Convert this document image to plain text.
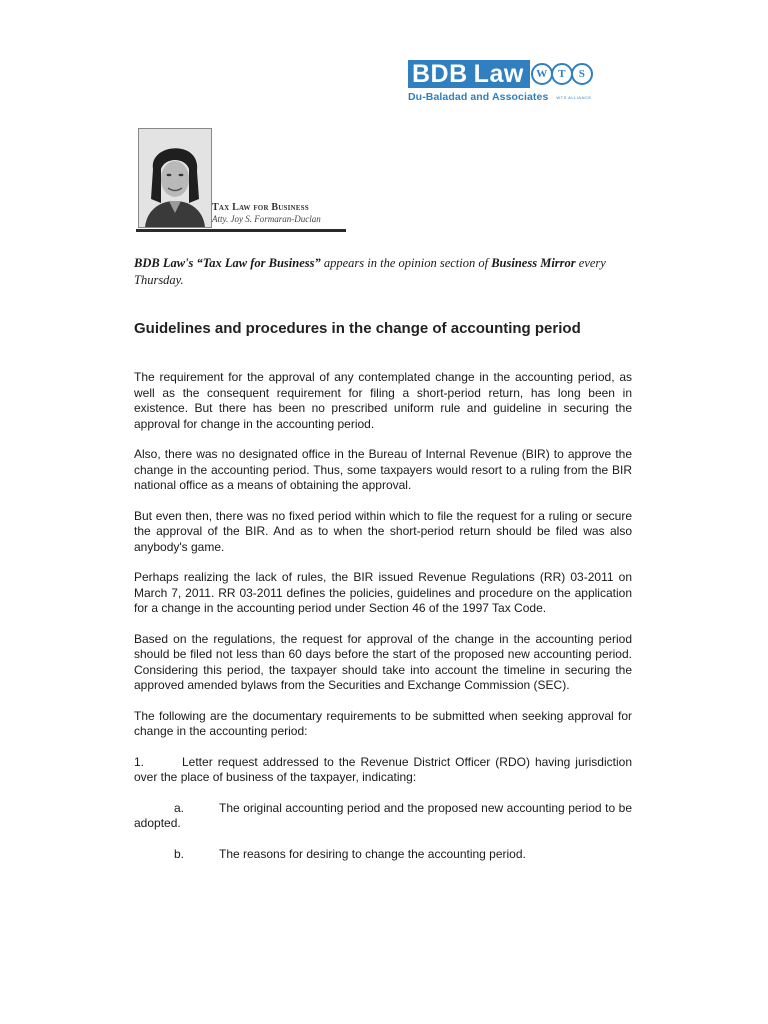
BDB Law	W T	S
Du-Baladad and Associates WTS ALLIANCE
Tax Law for Business
Atty. Joy S. Formaran-Duclan
BDB Law's “Tax Law for Business” appears in the opinion section of Business Mirror every Thursday.
Guidelines and procedures in the change of accounting period

The requirement for the approval of any contemplated change in the accounting period, as well as the consequent requirement for filing a short-period return, has long been in existence. But there has been no prescribed uniform rule and guideline in securing the approval for change in the accounting period.

Also, there was no designated office in the Bureau of Internal Revenue (BIR) to approve the change in the accounting period. Thus, some taxpayers would resort to a ruling from the BIR national office as a means of obtaining the approval.

But even then, there was no fixed period within which to file the request for a ruling or secure the approval of the BIR. And as to when the short-period return should be filed was also anybody's game.

Perhaps realizing the lack of rules, the BIR issued Revenue Regulations (RR) 03-2011 on March 7, 2011. RR 03-2011 defines the policies, guidelines and procedure on the application for a change in the accounting period under Section 46 of the 1997 Tax Code.

Based on the regulations, the request for approval of the change in the accounting period should be filed not less than 60 days before the start of the proposed new accounting period. Considering this period, the taxpayer should take into account the timeline in securing the approved amended bylaws from the Securities and Exchange Commission (SEC).

The following are the documentary requirements to be submitted when seeking approval for change in the accounting period:

1.	Letter request addressed to the Revenue District Officer (RDO) having jurisdiction over the place of business of the taxpayer, indicating:

a.	The original accounting period and the proposed new accounting period to be adopted.

b.	The reasons for desiring to change the accounting period.
